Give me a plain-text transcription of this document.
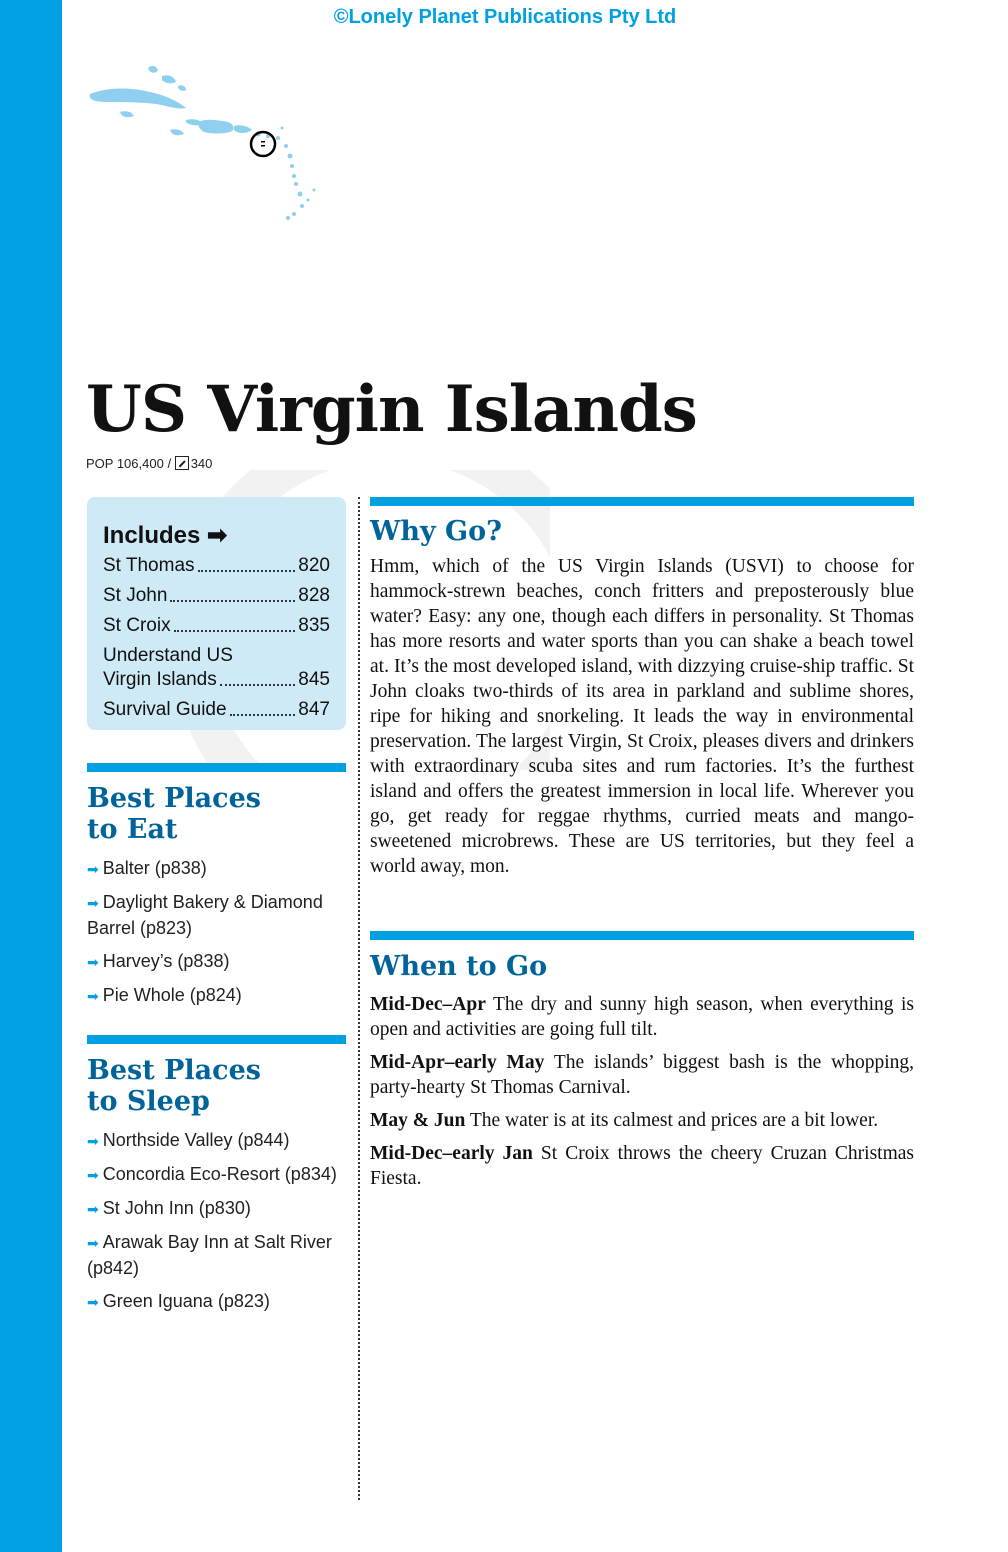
©Lonely Planet Publications Pty Ltd
US Virgin Islands
POP 106,400 / 340
Includes ➡
St Thomas	820
St John	828
St Croix	835
Understand US
Virgin Islands	845
Survival Guide	847
Best Places
to Eat
➡ Balter (p838)
➡ Daylight Bakery & Diamond Barrel (p823)
➡ Harvey’s (p838)
➡ Pie Whole (p824)
Best Places
to Sleep
➡ Northside Valley (p844)
➡ Concordia Eco-Resort (p834)
➡ St John Inn (p830)
➡ Arawak Bay Inn at Salt River (p842)
➡ Green Iguana (p823)
Why Go?

Hmm, which of the US Virgin Islands (USVI) to choose for hammock-strewn beaches, conch fritters and preposterously blue water? Easy: any one, though each differs in personality. St Thomas has more resorts and water sports than you can shake a beach towel at. It’s the most developed island, with dizzying cruise-ship traffic. St John cloaks two-thirds of its area in parkland and sublime shores, ripe for hiking and snorkeling. It leads the way in environmental preservation. The largest Virgin, St Croix, pleases divers and drinkers with extraordinary scuba sites and rum factories. It’s the furthest island and offers the greatest immersion in local life. Wherever you go, get ready for reggae rhythms, curried meats and mango-sweetened microbrews. These are US territories, but they feel a world away, mon.

When to Go
Mid-Dec–Apr The dry and sunny high season, when everything is open and activities are going full tilt.
Mid-Apr–early May The islands’ biggest bash is the whopping, party-hearty St Thomas Carnival.
May & Jun The water is at its calmest and prices are a bit lower.
Mid-Dec–early Jan St Croix throws the cheery Cruzan Christmas Fiesta.
